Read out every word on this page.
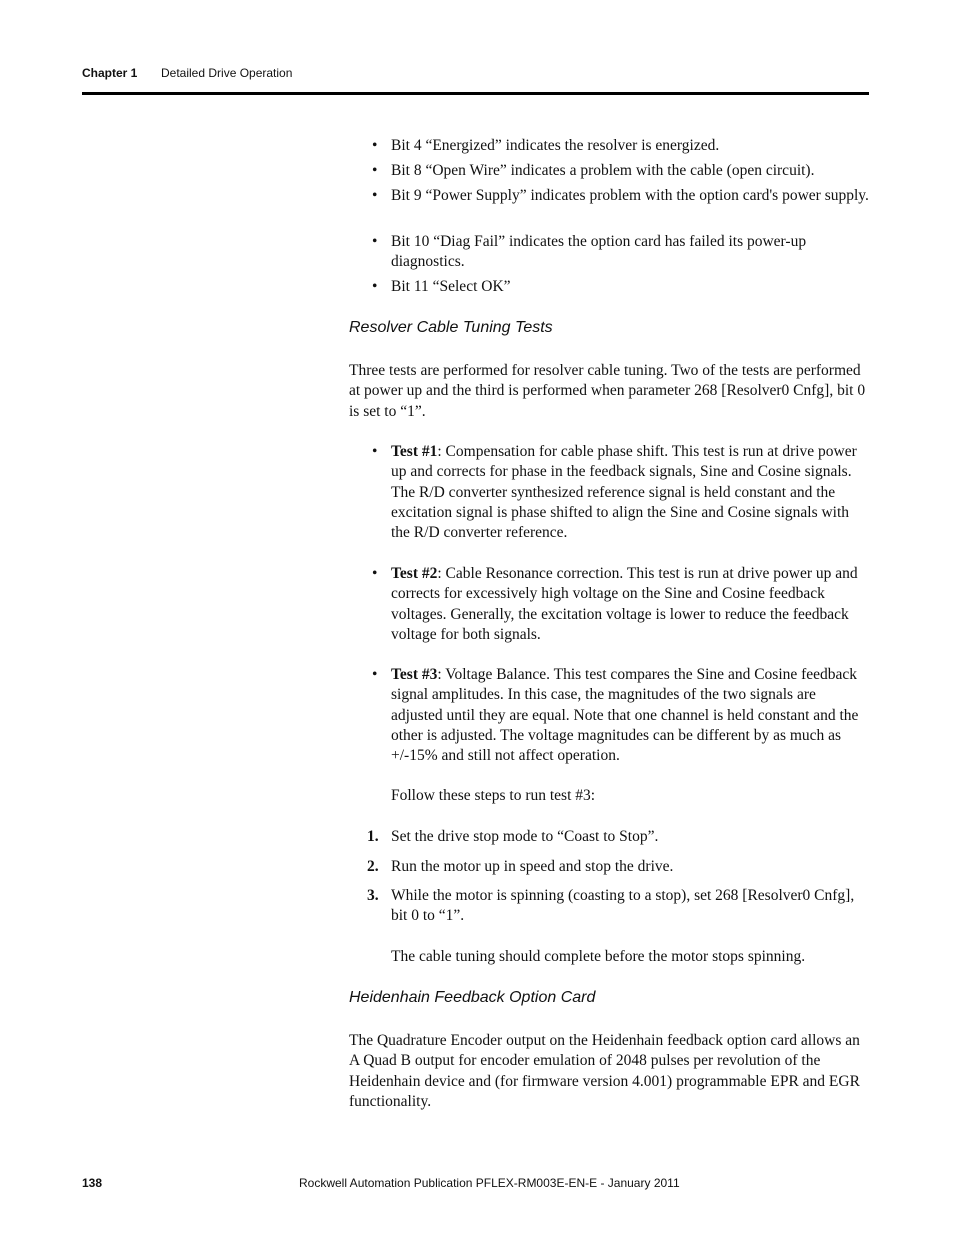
Chapter 1 Detailed Drive Operation
• Bit 4 “Energized” indicates the resolver is energized.
• Bit 8 “Open Wire” indicates a problem with the cable (open circuit).
• Bit 9 “Power Supply” indicates problem with the option card's power supply.
• Bit 10 “Diag Fail” indicates the option card has failed its power-up diagnostics.
• Bit 11 “Select OK”
Resolver Cable Tuning Tests
Three tests are performed for resolver cable tuning. Two of the tests are performed at power up and the third is performed when parameter 268 [Resolver0 Cnfg], bit 0 is set to “1”.
• Test #1: Compensation for cable phase shift. This test is run at drive power up and corrects for phase in the feedback signals, Sine and Cosine signals. The R/D converter synthesized reference signal is held constant and the excitation signal is phase shifted to align the Sine and Cosine signals with the R/D converter reference.
• Test #2: Cable Resonance correction. This test is run at drive power up and corrects for excessively high voltage on the Sine and Cosine feedback voltages. Generally, the excitation voltage is lower to reduce the feedback voltage for both signals.
• Test #3: Voltage Balance. This test compares the Sine and Cosine feedback signal amplitudes. In this case, the magnitudes of the two signals are adjusted until they are equal. Note that one channel is held constant and the other is adjusted. The voltage magnitudes can be different by as much as +/-15% and still not affect operation.
Follow these steps to run test #3:
1. Set the drive stop mode to “Coast to Stop”.
2. Run the motor up in speed and stop the drive.
3. While the motor is spinning (coasting to a stop), set 268 [Resolver0 Cnfg], bit 0 to “1”.
The cable tuning should complete before the motor stops spinning.
Heidenhain Feedback Option Card
The Quadrature Encoder output on the Heidenhain feedback option card allows an A Quad B output for encoder emulation of 2048 pulses per revolution of the Heidenhain device and (for firmware version 4.001) programmable EPR and EGR functionality.
138	Rockwell Automation Publication PFLEX-RM003E-EN-E - January 2011
